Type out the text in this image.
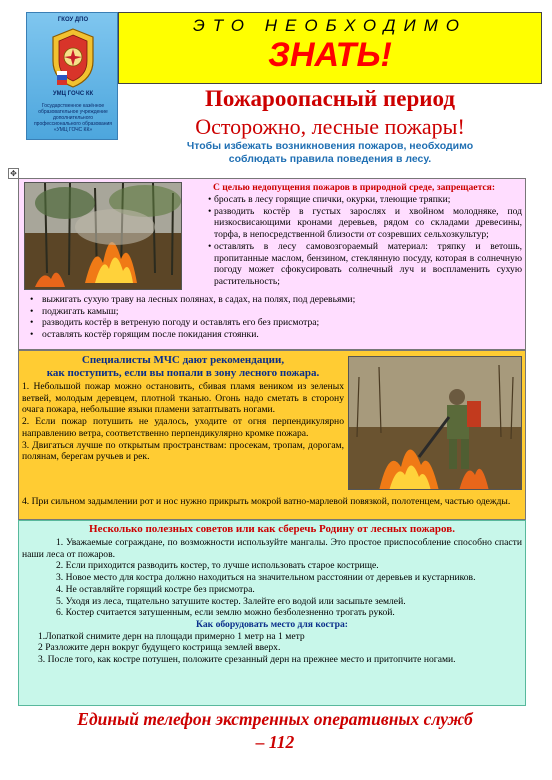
ГКОУ ДПО
УМЦ ГОЧС КК
Государственное казённое образовательное учреждение дополнительного профессионального образования «УМЦ ГОЧС КК»
ЭТО НЕОБХОДИМО
ЗНАТЬ!
Пожароопасный период
Осторожно, лесные пожары!
Чтобы избежать возникновения пожаров, необходимо
соблюдать правила поведения в лесу.
✥
С целью недопущения пожаров в природной среде, запрещается:
• бросать в лесу горящие спички, окурки, тлеющие тряпки;
• разводить костёр в густых зарослях и хвойном молодняке, под низкосвисающими кронами деревьев, рядом со складами древесины, торфа, в непосредственной близости от созревших сельхозкультур;
• оставлять в лесу самовозгораемый материал: тряпку и ветошь, пропитанные маслом, бензином, стеклянную посуду, которая в солнечную погоду может сфокусировать солнечный луч и воспламенить сухую растительность;
• выжигать сухую траву на лесных полянах, в садах, на полях, под деревьями;
• поджигать камыш;
• разводить костёр в ветреную погоду и оставлять его без присмотра;
• оставлять костёр горящим после покидания стоянки.
Специалисты МЧС дают рекомендации,
как поступить, если вы попали в зону лесного пожара.

1. Небольшой пожар можно остановить, сбивая пламя веником из зеленых ветвей, молодым деревцем, плотной тканью. Огонь надо сметать в сторону очага пожара, небольшие языки пламени затаптывать ногами.

2. Если пожар потушить не удалось, уходите от огня перпендикулярно направлению ветра, соответственно перпендикулярно кромке пожара.

3. Двигаться лучше по открытым пространствам: просекам, тропам, дорогам, полянам, берегам ручьев и рек.

4. При сильном задымлении рот и нос нужно прикрыть мокрой ватно-марлевой повязкой, полотенцем, частью одежды.
Несколько полезных советов или как сберечь Родину от лесных пожаров.

1. Уважаемые сограждане, по возможности используйте мангалы. Это простое приспособление способно спасти наши леса от пожаров.

2. Если приходится разводить костер, то лучше использовать старое кострище.

3. Новое место для костра должно находиться на значительном расстоянии от деревьев и кустарников.

4. Не оставляйте горящий костре без присмотра.

5. Уходя из леса, тщательно затушите костер. Залейте его водой или засыпьте землей.

6. Костер считается затушенным, если землю можно безболезненно трогать рукой.

Как оборудовать место для костра:

1.Лопаткой снимите дерн на площади примерно 1 метр на 1 метр

2 Разложите дерн вокруг будущего кострища землей вверх.

3. После того, как костре потушен, положите срезанный дерн на прежнее место и притопчите ногами.

Единый телефон экстренных оперативных служб
– 112
